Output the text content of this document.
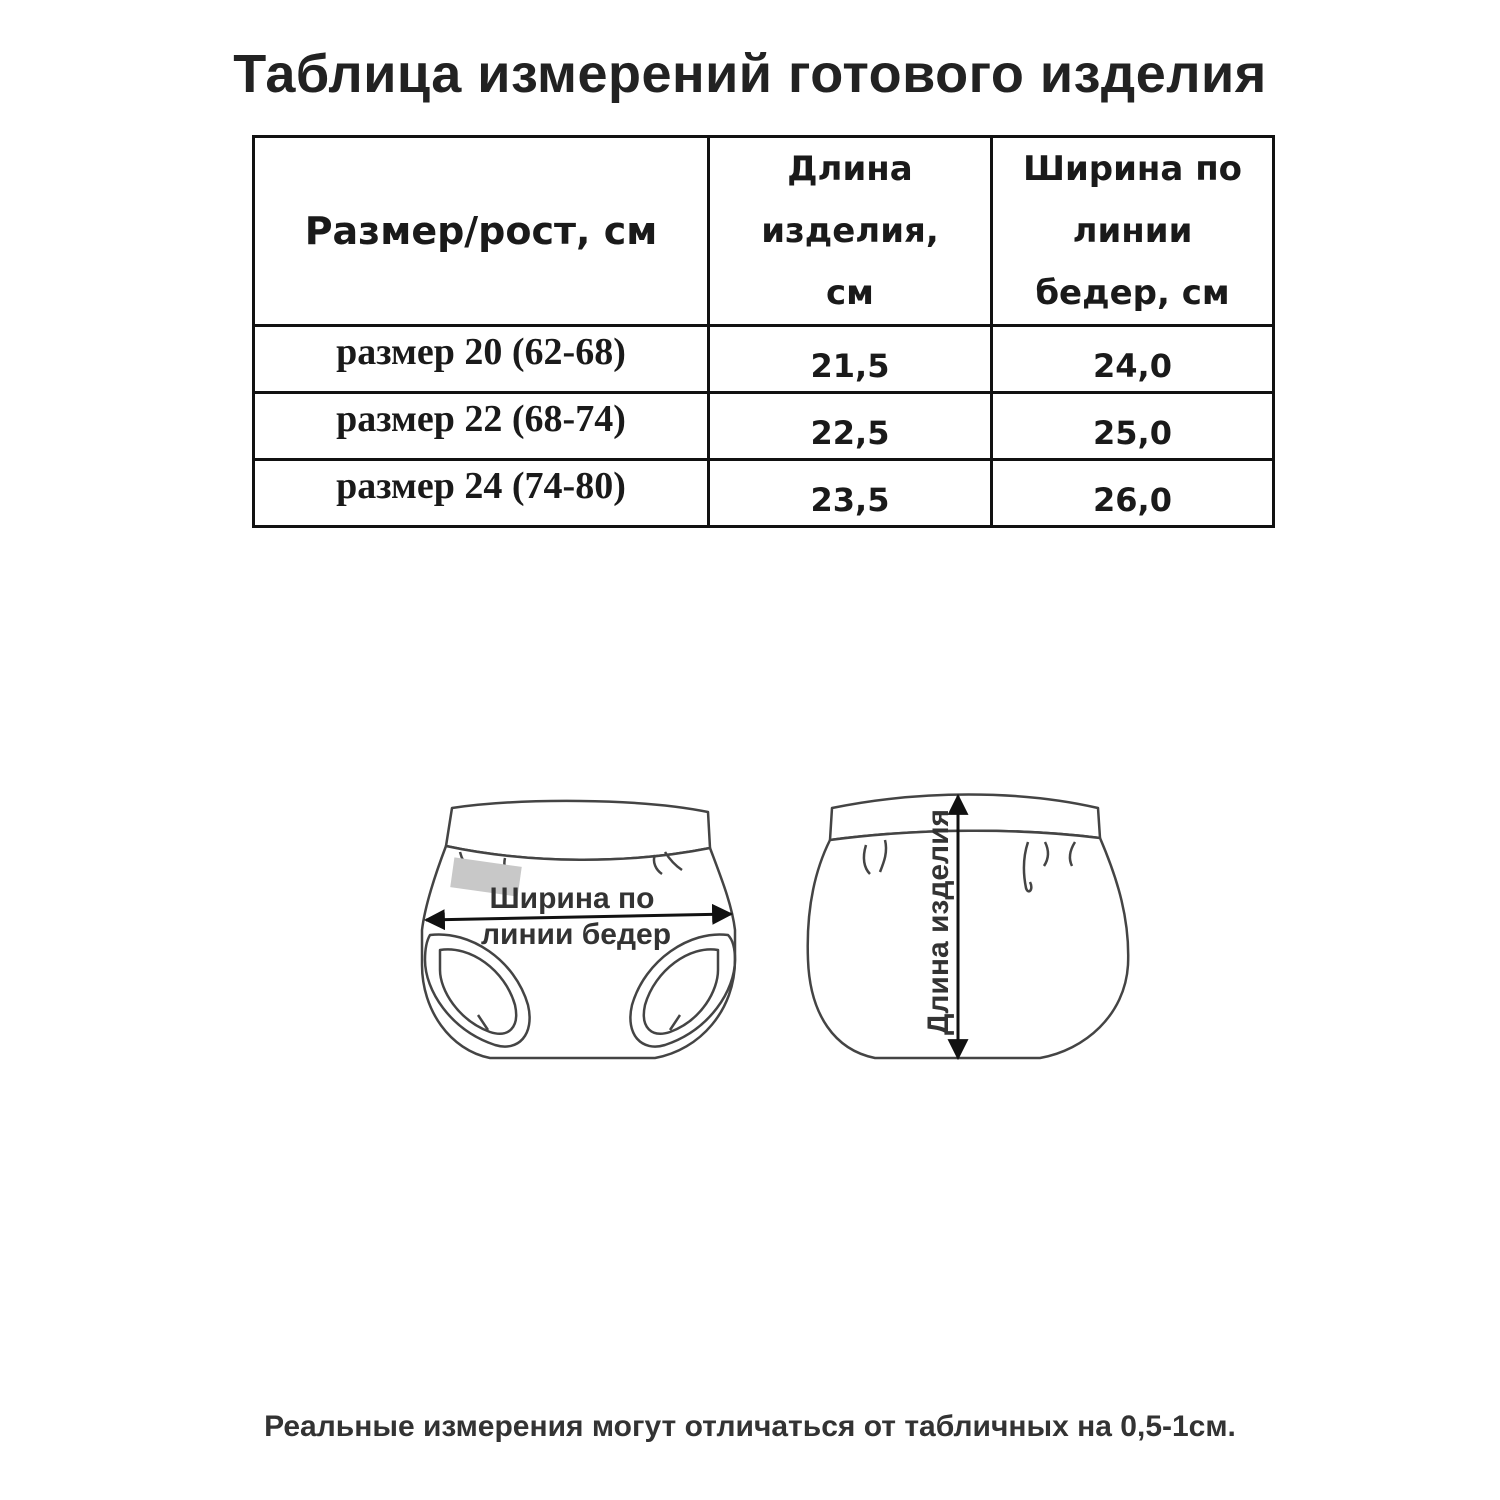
Таблица измерений готового изделия
Размер/рост, см	Длина изделия, см	Ширина по линии бедер, см

размер 20 (62-68)	21,5	24,0

размер 22 (68-74)	22,5	25,0

размер 24 (74-80)	23,5	26,0
Ширина по
линии бедер	Длина изделия
Реальные измерения могут отличаться от табличных на 0,5-1см.
